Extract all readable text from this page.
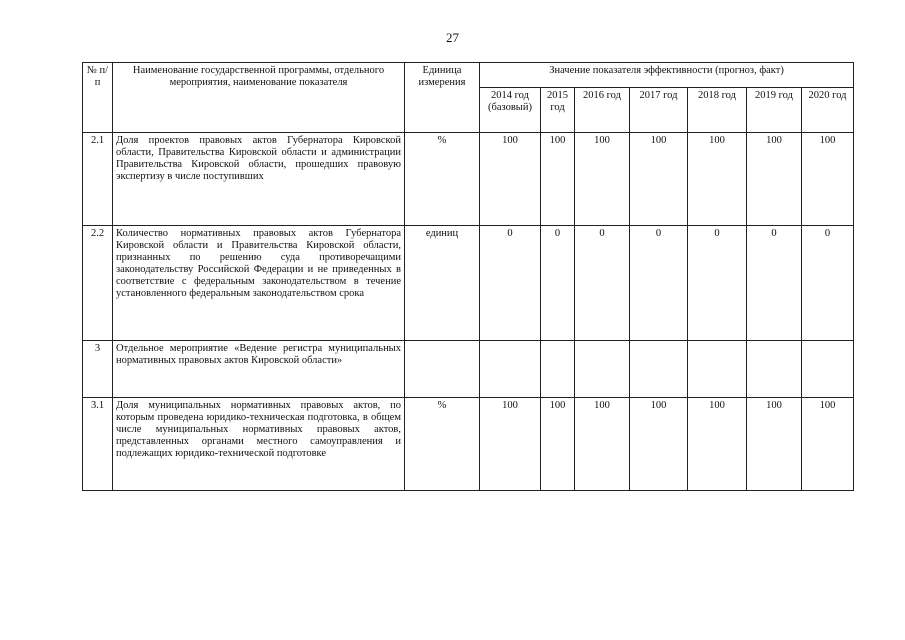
27
№ п/п	Наименование государственной программы, отдельного мероприятия, наименование показателя	Единица измерения	Значение показателя эффективности (прогноз, факт)						
			2014 год (базовый)	2015 год	2016 год	2017 год	2018 год	2019 год	2020 год
2.1	Доля проектов правовых актов Губернатора Кировской области, Правительства Кировской области и администрации Правительства Кировской области, прошедших правовую экспертизу в числе поступивших	%	100	100	100	100	100	100	100
2.2	Количество нормативных правовых актов Губернатора Кировской области и Правительства Кировской области, признанных по решению суда противоречащими законодательству Российской Федерации и не приведенных в соответствие с федеральным законодательством в течение установленного федеральным законодательством срока	единиц	0	0	0	0	0	0	0
3	Отдельное мероприятие «Ведение регистра муниципальных нормативных правовых актов Кировской области»								
3.1	Доля муниципальных нормативных правовых актов, по которым проведена юридико-техническая подготовка, в общем числе муниципальных нормативных правовых актов, представленных органами местного самоуправления и подлежащих юридико-технической подготовке	%	100	100	100	100	100	100	100
